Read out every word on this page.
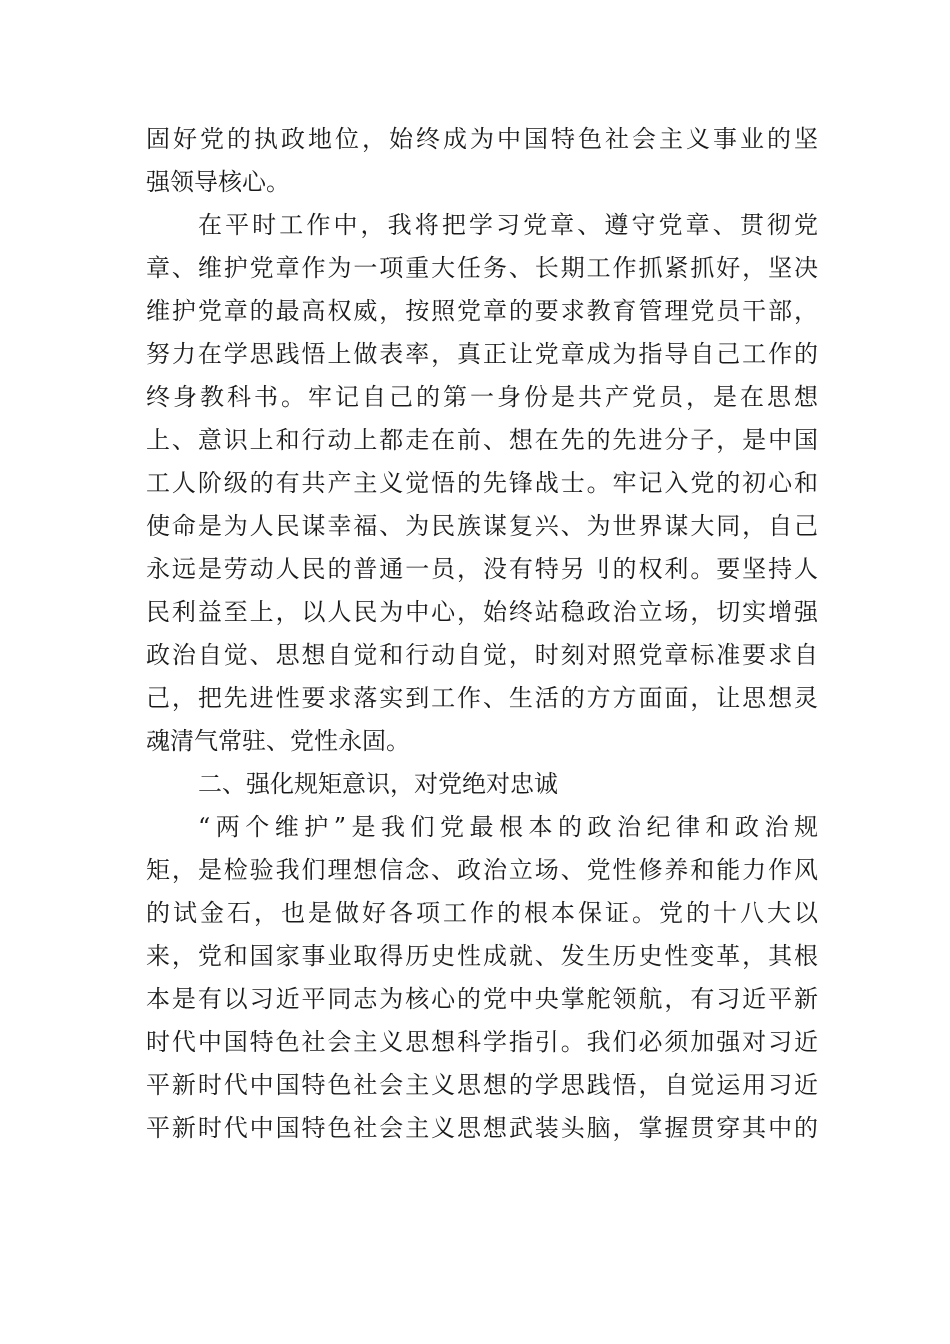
固好党的执政地位，始终成为中国特色社会主义事业的坚
强领导核心。
在平时工作中，我将把学习党章、遵守党章、贯彻党
章、维护党章作为一项重大任务、长期工作抓紧抓好，坚决
维护党章的最高权威，按照党章的要求教育管理党员干部，
努力在学思践悟上做表率，真正让党章成为指导自己工作的
终身教科书。牢记自己的第一身份是共产党员，是在思想
上、意识上和行动上都走在前、想在先的先进分子，是中国
工人阶级的有共产主义觉悟的先锋战士。牢记入党的初心和
使命是为人民谋幸福、为民族谋复兴、为世界谋大同，自己
永远是劳动人民的普通一员，没有特另刂的权利。要坚持人
民利益至上，以人民为中心，始终站稳政治立场，切实增强
政治自觉、思想自觉和行动自觉，时刻对照党章标准要求自
己，把先进性要求落实到工作、生活的方方面面，让思想灵
魂清气常驻、党性永固。
二、强化规矩意识，对党绝对忠诚
“两个维护”是我们党最根本的政治纪律和政治规
矩，是检验我们理想信念、政治立场、党性修养和能力作风
的试金石，也是做好各项工作的根本保证。党的十八大以
来，党和国家事业取得历史性成就、发生历史性变革，其根
本是有以习近平同志为核心的党中央掌舵领航，有习近平新
时代中国特色社会主义思想科学指引。我们必须加强对习近
平新时代中国特色社会主义思想的学思践悟，自觉运用习近
平新时代中国特色社会主义思想武装头脑，掌握贯穿其中的
